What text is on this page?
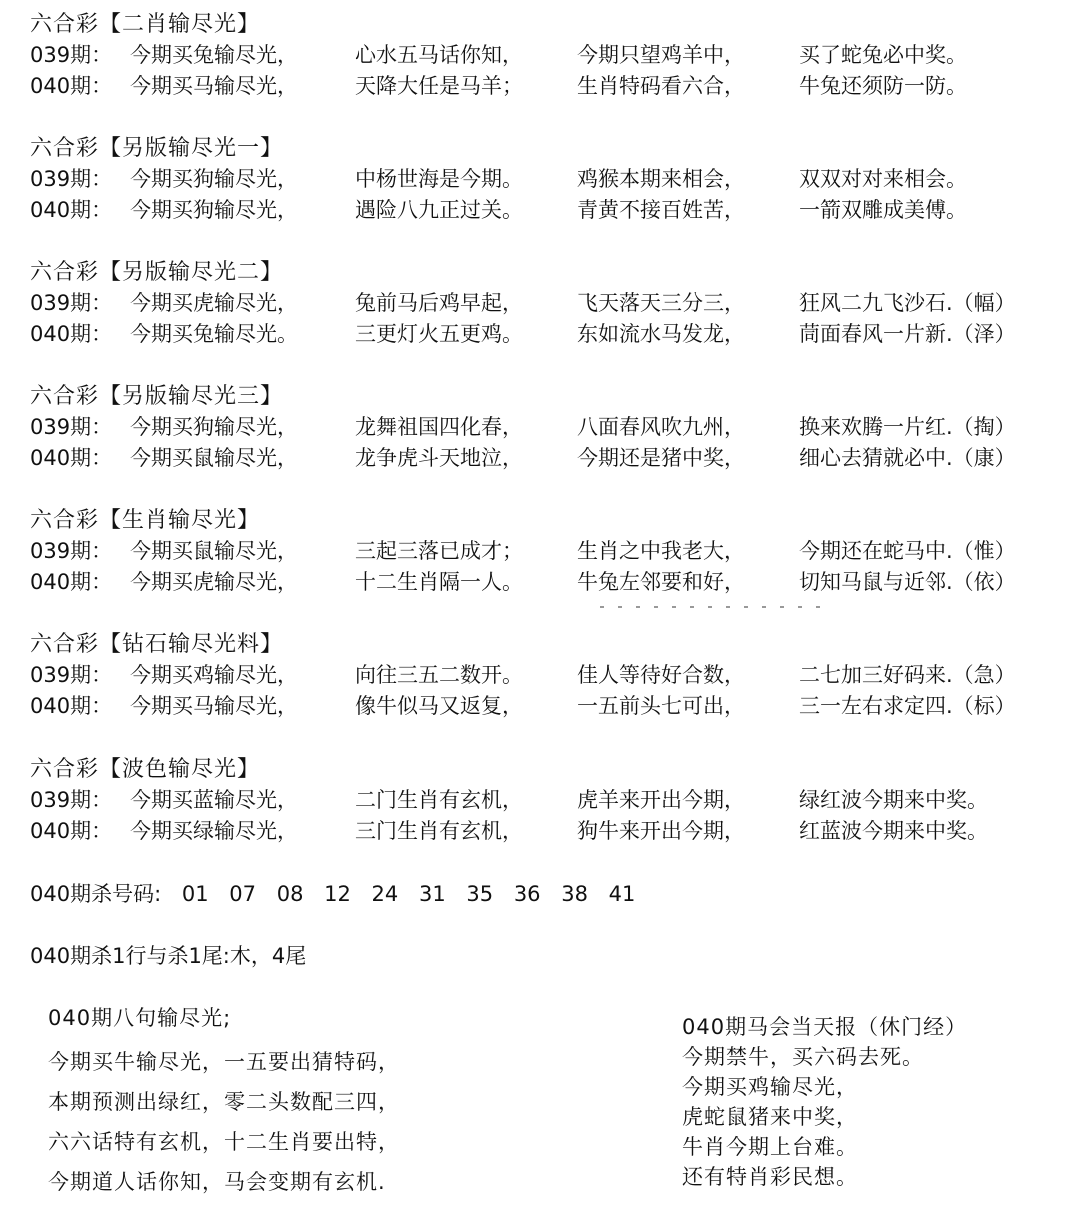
六合彩【二肖输尽光】
039期： 今期买兔输尽光，	心水五马话你知，	今期只望鸡羊中，	买了蛇兔必中奖。
040期： 今期买马输尽光，	天降大任是马羊；	生肖特码看六合，	牛兔还须防一防。
六合彩【另版输尽光一】
039期： 今期买狗输尽光，	中杨世海是今期。	鸡猴本期来相会，	双双对对来相会。
040期： 今期买狗输尽光，	遇险八九正过关。	青黄不接百姓苦，	一箭双雕成美傅。
六合彩【另版输尽光二】
039期： 今期买虎输尽光，	兔前马后鸡早起，	飞天落天三分三，	狂风二九飞沙石.（幅）
040期： 今期买兔输尽光。	三更灯火五更鸡。	东如流水马发龙，	茼面春风一片新.（泽）
六合彩【另版输尽光三】
039期： 今期买狗输尽光，	龙舞祖国四化春，	八面春风吹九州，	换来欢腾一片红.（掏）
040期： 今期买鼠输尽光，	龙争虎斗天地泣，	今期还是猪中奖，	细心去猜就必中.（康）
六合彩【生肖输尽光】
039期： 今期买鼠输尽光，	三起三落已成才；	生肖之中我老大，	今期还在蛇马中.（惟）
040期： 今期买虎输尽光，	十二生肖隔一人。	牛兔左邻要和好，	切知马鼠与近邻.（依）
六合彩【钻石输尽光料】
039期： 今期买鸡输尽光，	向往三五二数开。	佳人等待好合数，	二七加三好码来.（急）
040期： 今期买马输尽光，	像牛似马又返复，	一五前头七可出，	三一左右求定四.（标）
六合彩【波色输尽光】
039期： 今期买蓝输尽光，	二门生肖有玄机，	虎羊来开出今期，	绿红波今期来中奖。
040期： 今期买绿输尽光，	三门生肖有玄机，	狗牛来开出今期，	红蓝波今期来中奖。
040期杀号码: 01 07 08 12 24 31 35 36 38 41
040期杀1行与杀1尾:木，4尾
040期八句输尽光;
今期买牛输尽光，一五要出猜特码，
本期预测出绿红，零二头数配三四，
六六话特有玄机，十二生肖要出特，
今期道人话你知，马会变期有玄机.
040期马会当天报（休门经）
今期禁牛，买六码去死。
今期买鸡输尽光，
虎蛇鼠猪来中奖，
牛肖今期上台难。
还有特肖彩民想。
